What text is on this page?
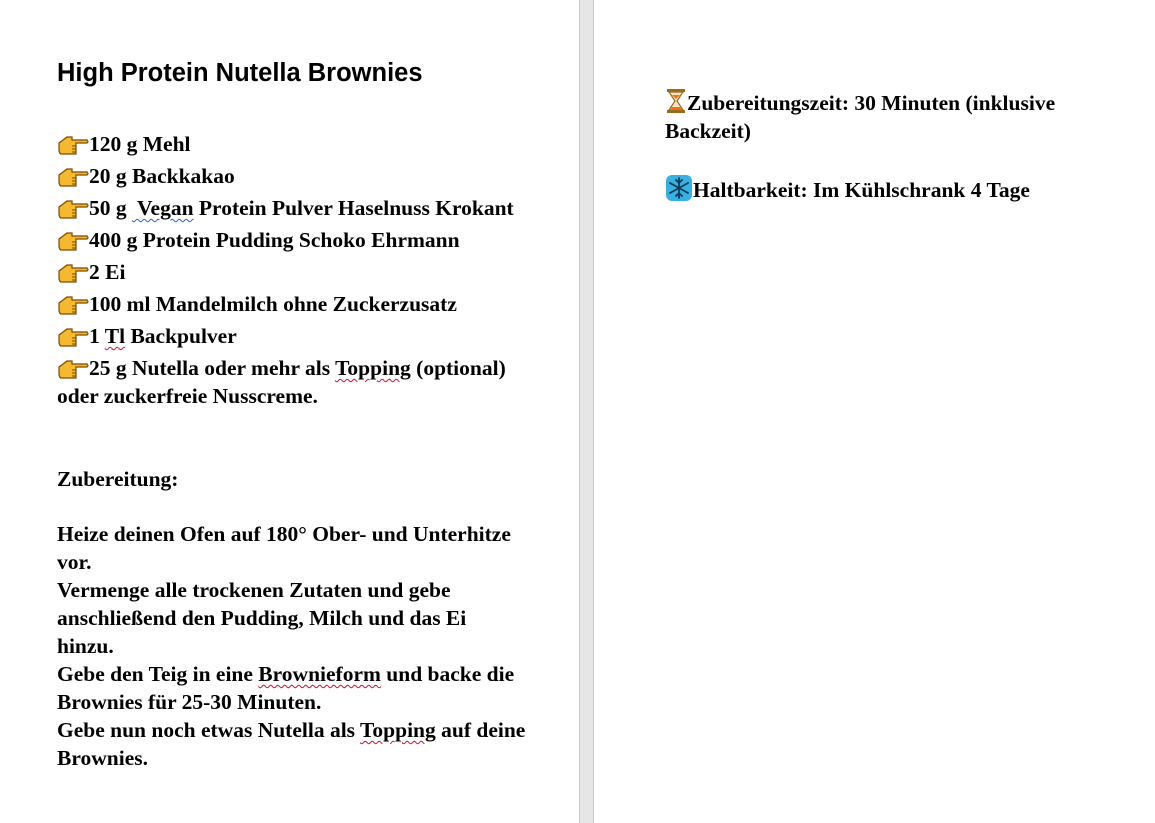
High Protein Nutella Brownies
120 g Mehl
20 g Backkakao
50 g  Vegan Protein Pulver Haselnuss Krokant
400 g Protein Pudding Schoko Ehrmann
2 Ei
100 ml Mandelmilch ohne Zuckerzusatz
1 Tl Backpulver
25 g Nutella oder mehr als Topping (optional) oder zuckerfreie Nusscreme.
Zubereitung:
Heize deinen Ofen auf 180° Ober- und Unterhitze vor.
Vermenge alle trockenen Zutaten und gebe anschließend den Pudding, Milch und das Ei hinzu.
Gebe den Teig in eine Brownieform und backe die Brownies für 25-30 Minuten.
Gebe nun noch etwas Nutella als Topping auf deine Brownies.
Zubereitungszeit: 30 Minuten (inklusive Backzeit)
Haltbarkeit: Im Kühlschrank 4 Tage
